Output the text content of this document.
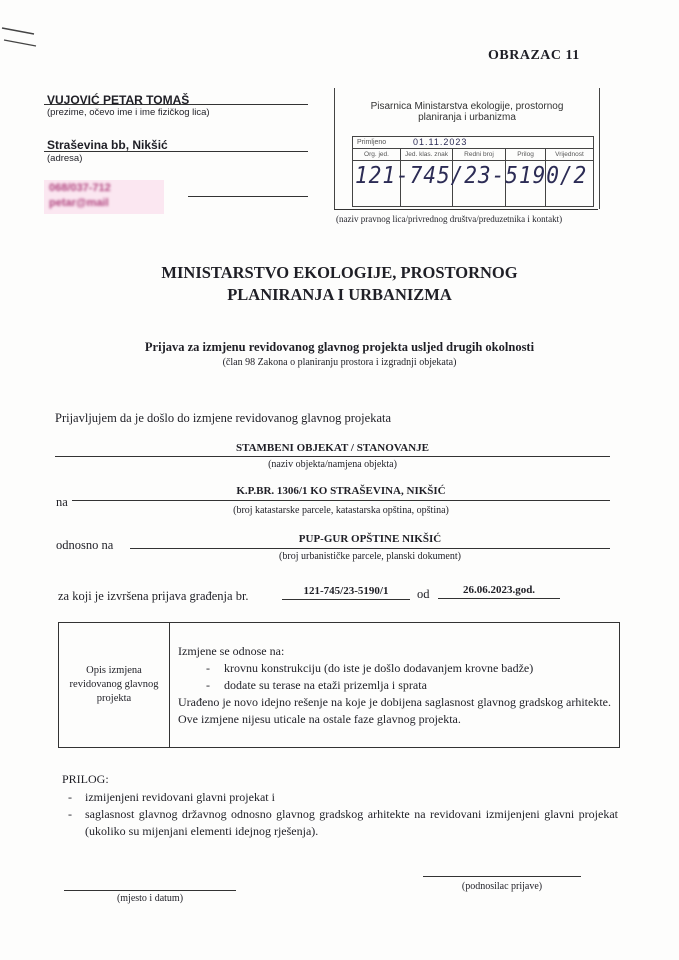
OBRAZAC 11
VUJOVIĆ PETAR TOMAŠ
(prezime, očevo ime i ime fizičkog lica)
Straševina bb, Nikšić
(adresa)
068/037-712
petar@mail
Pisarnica Ministarstva ekologije, prostornog
planiranja i urbanizma
Primljeno	01.11.2023
Org. jed.	Jed. klas. znak	Redni broj	Prilog	Vrijednost
121-745/23-5190/2
(naziv pravnog lica/privrednog društva/preduzetnika i kontakt)
MINISTARSTVO EKOLOGIJE, PROSTORNOG
PLANIRANJA I URBANIZMA
Prijava za izmjenu revidovanog glavnog projekta usljed drugih okolnosti
(član 98 Zakona o planiranju prostora i izgradnji objekata)
Prijavljujem da je došlo do izmjene revidovanog glavnog projekata
STAMBENI OBJEKAT / STANOVANJE
(naziv objekta/namjena objekta)
na
K.P.BR. 1306/1 KO STRAŠEVINA, NIKŠIĆ
(broj katastarske parcele, katastarska opština, opština)
odnosno na	PUP-GUR OPŠTINE NIKŠIĆ
(broj urbanističke parcele, planski dokument)
za koji je izvršena prijava građenja br.	121-745/23-5190/1	od	26.06.2023.god.
Opis izmjena revidovanog glavnog projekta	
Izmjene se odnose na:
- krovnu konstrukciju (do iste je došlo dodavanjem krovne badže)
- dodate su terase na etaži prizemlja i sprata
Urađeno je novo idejno rešenje na koje je dobijena saglasnost glavnog gradskog arhitekte. Ove izmjene nijesu uticale na ostale faze glavnog projekta.
PRILOG:
- izmijenjeni revidovani glavni projekat i
- saglasnost glavnog državnog odnosno glavnog gradskog arhitekte na revidovani izmijenjeni glavni projekat (ukoliko su mijenjani elementi idejnog rješenja).
(mjesto i datum)
(podnosilac prijave)
